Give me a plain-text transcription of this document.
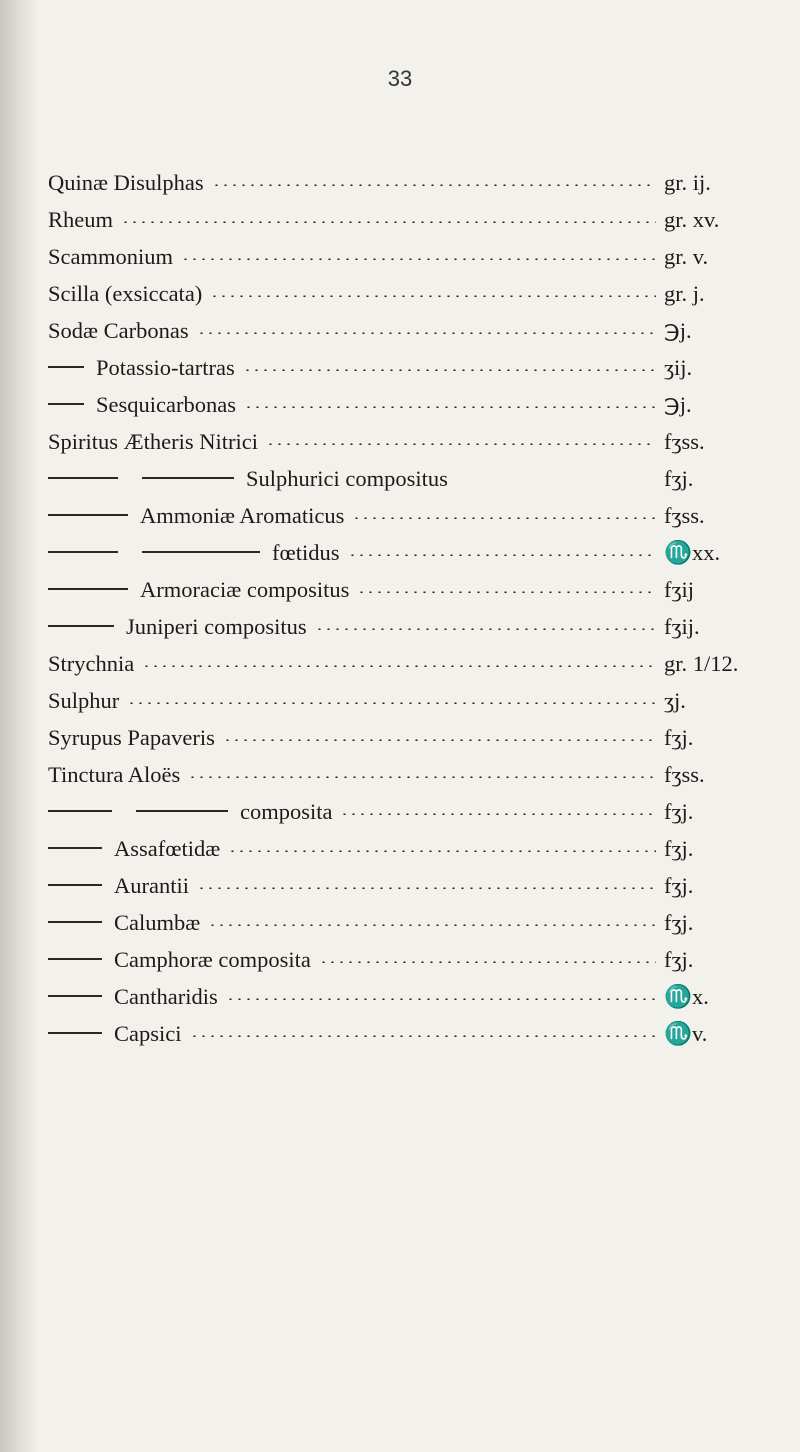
33
Quinæ Disulphas	gr. ij.
Rheum	gr. xv.
Scammonium	gr. v.
Scilla (exsiccata)	gr. j.
Sodæ Carbonas	℈j.
Potassio-tartras	ʒij.
Sesquicarbonas	℈j.
Spiritus Ætheris Nitrici	fʒss.
Sulphurici compositus	fʒj.
Ammoniæ Aromaticus	fʒss.
fœtidus	♏xx.
Armoraciæ compositus	fʒij
Juniperi compositus	fʒij.
Strychnia	gr. 1/12.
Sulphur	ʒj.
Syrupus Papaveris	fʒj.
Tinctura Aloës	fʒss.
composita	fʒj.
Assafœtidæ	fʒj.
Aurantii	fʒj.
Calumbæ	fʒj.
Camphoræ composita	fʒj.
Cantharidis	♏x.
Capsici	♏v.
